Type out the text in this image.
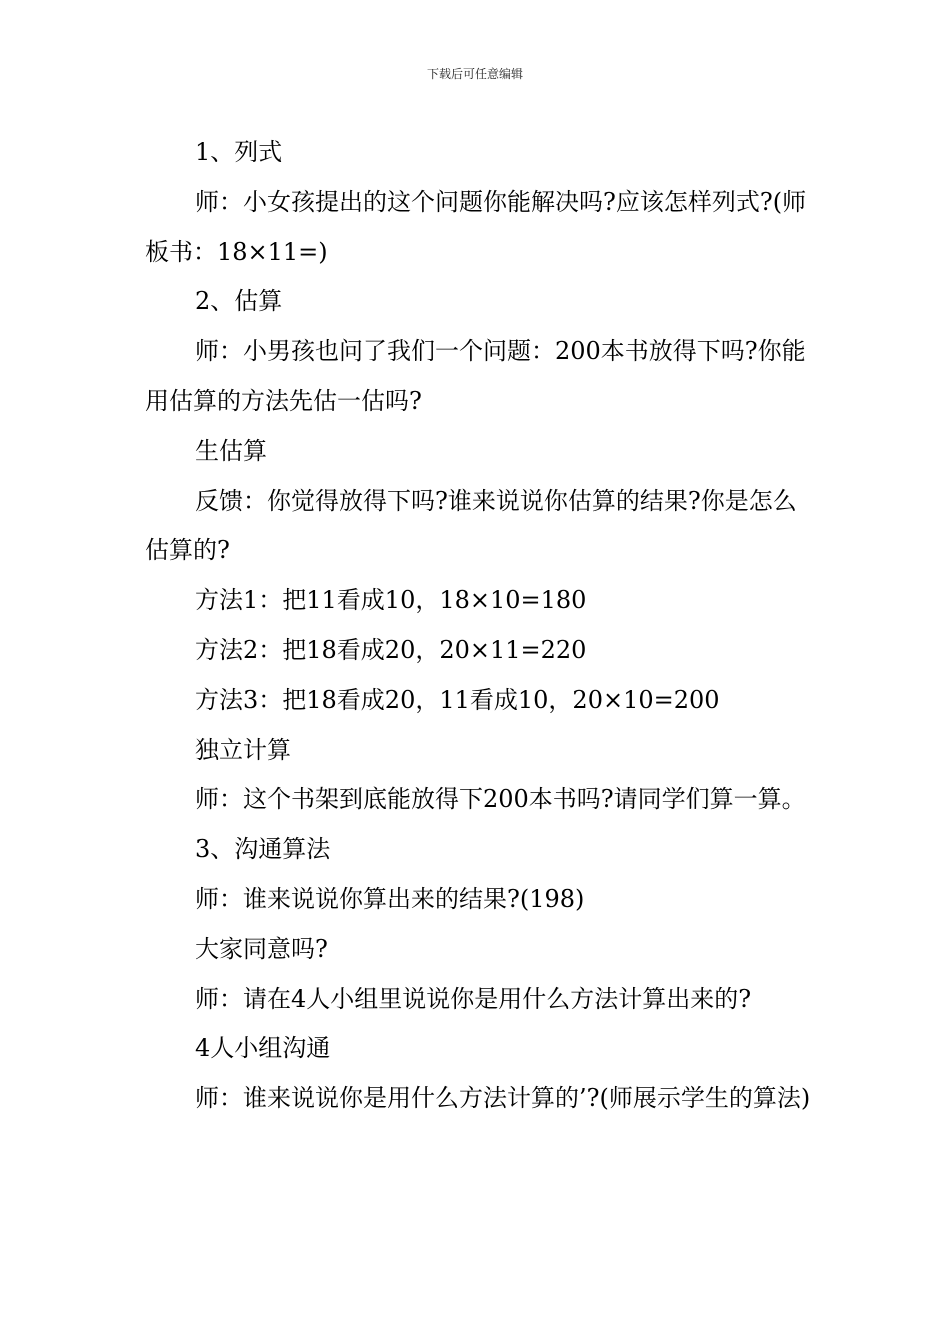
下载后可任意编辑

1、列式

师：小女孩提出的这个问题你能解决吗?应该怎样列式?(师板书：18×11=)

2、估算

师：小男孩也问了我们一个问题：200本书放得下吗?你能用估算的方法先估一估吗?

生估算

反馈：你觉得放得下吗?谁来说说你估算的结果?你是怎么估算的?

方法1：把11看成10，18×10=180

方法2：把18看成20，20×11=220

方法3：把18看成20，11看成10，20×10=200

独立计算

师：这个书架到底能放得下200本书吗?请同学们算一算。

3、沟通算法

师：谁来说说你算出来的结果?(198)

大家同意吗?

师：请在4人小组里说说你是用什么方法计算出来的?

4人小组沟通

师：谁来说说你是用什么方法计算的’?(师展示学生的算法)
